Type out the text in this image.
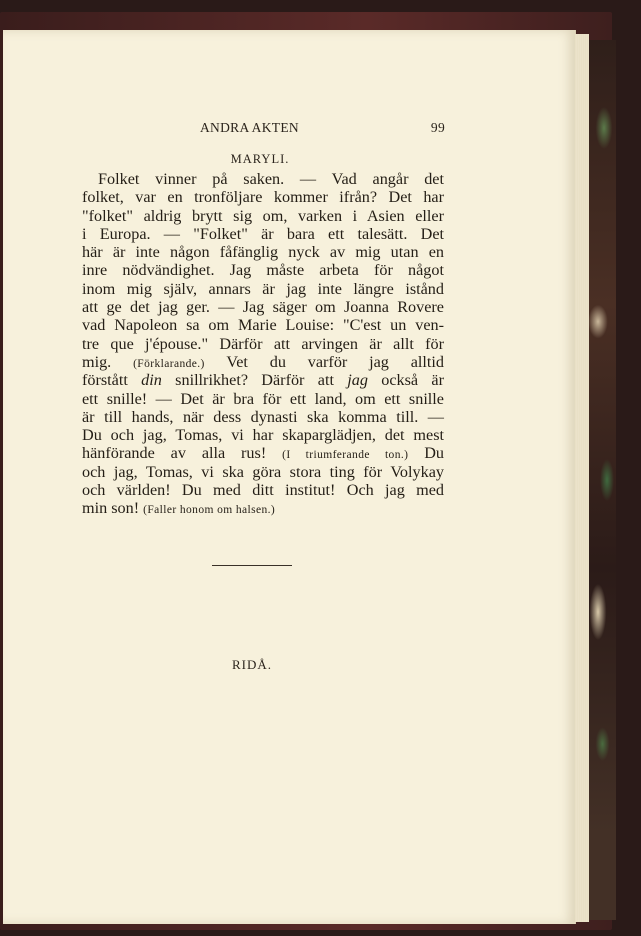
ANDRA AKTEN	99
MARYLI.
Folket vinner på saken. — Vad angår det
folket, var en tronföljare kommer ifrån? Det har
"folket" aldrig brytt sig om, varken i Asien eller
i Europa. — "Folket" är bara ett talesätt. Det
här är inte någon fåfänglig nyck av mig utan en
inre nödvändighet. Jag måste arbeta för något
inom mig själv, annars är jag inte längre istånd
att ge det jag ger. — Jag säger om Joanna Rovere
vad Napoleon sa om Marie Louise: "C'est un ven-
tre que j'épouse." Därför att arvingen är allt för
mig. (Förklarande.) Vet du varför jag alltid
förstått din snillrikhet? Därför att jag också är
ett snille! — Det är bra för ett land, om ett snille
är till hands, när dess dynasti ska komma till. —
Du och jag, Tomas, vi har skaparglädjen, det mest
hänförande av alla rus! (I triumferande ton.) Du
och jag, Tomas, vi ska göra stora ting för Volykay
och världen! Du med ditt institut! Och jag med
min son! (Faller honom om halsen.)
RIDÅ.
